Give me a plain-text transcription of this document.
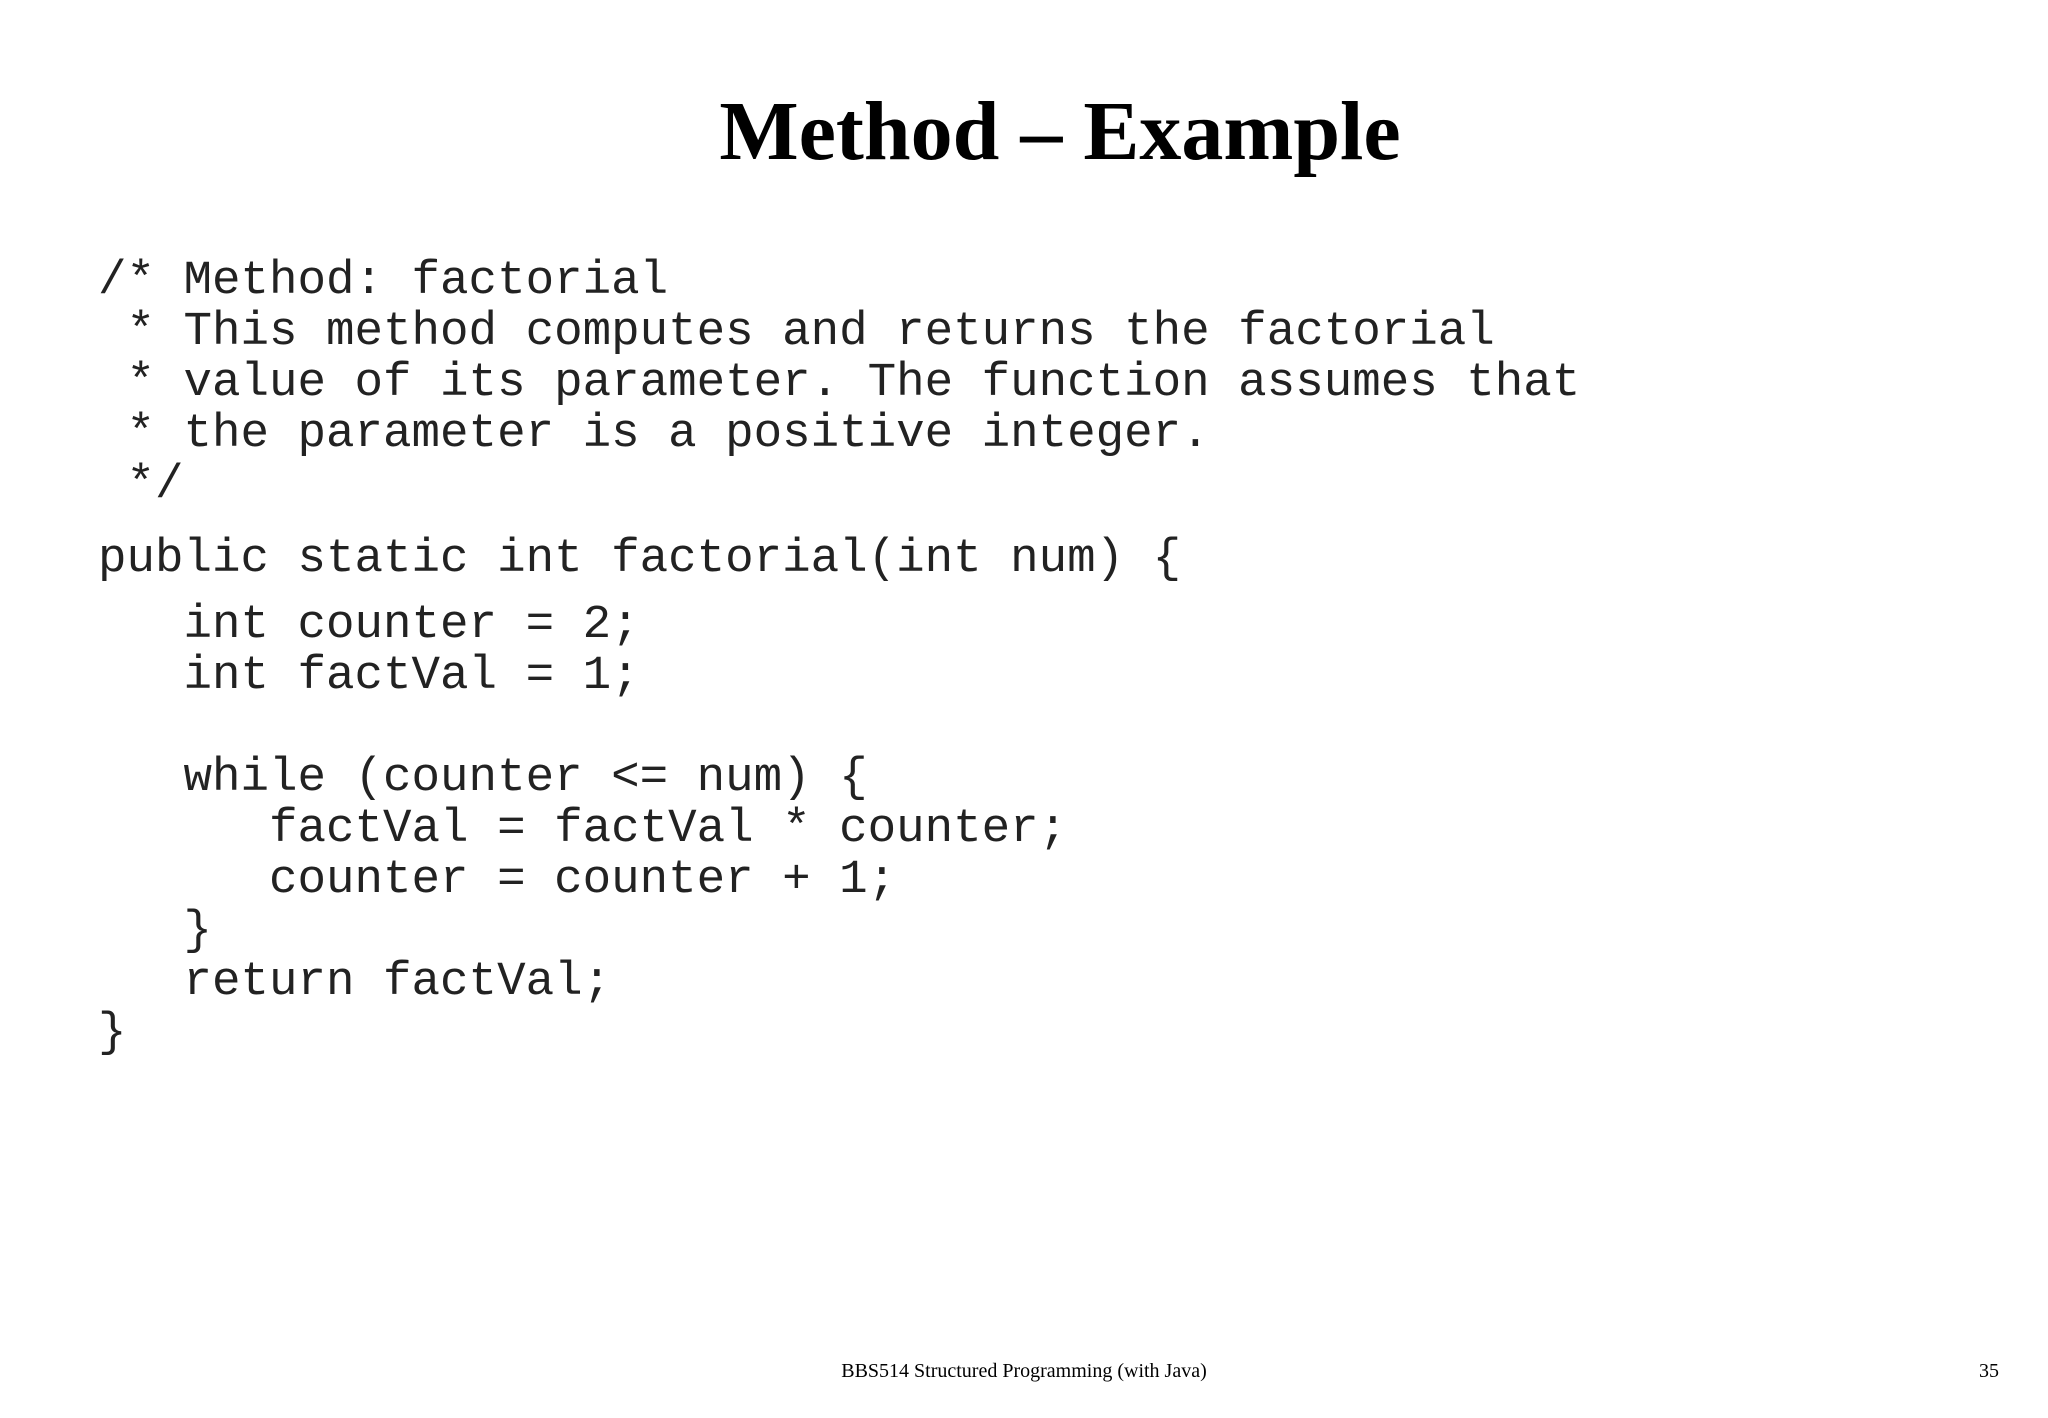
Method – Example

/* Method: factorial

* This method computes and returns the factorial

* value of its parameter. The function assumes that

* the parameter is a positive integer.

*/

public static int factorial(int num) {

int counter = 2;

int factVal = 1;

while (counter <= num) {

factVal = factVal * counter;

counter = counter + 1;

}

return factVal;

}

BBS514 Structured Programming (with Java)	35
